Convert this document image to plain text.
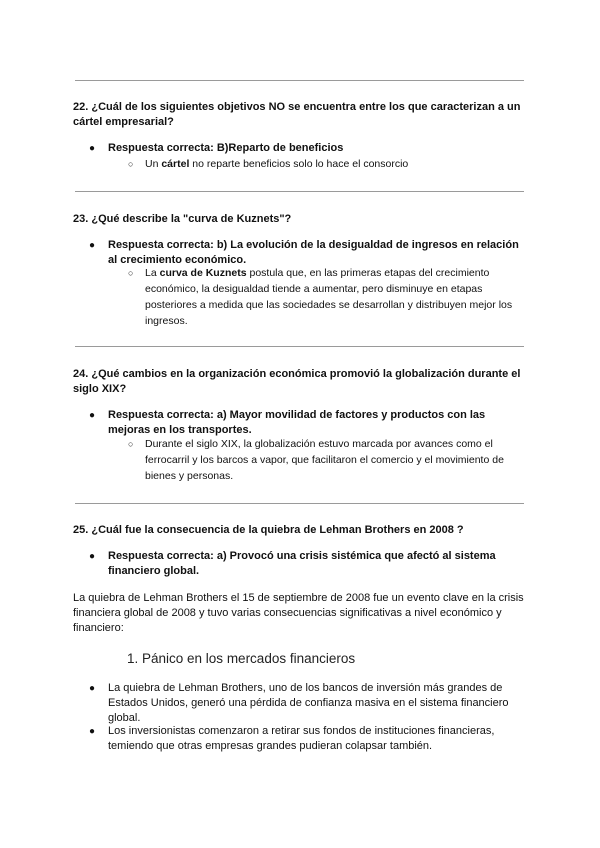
22. ¿Cuál de los siguientes objetivos NO se encuentra entre los que caracterizan a un cártel empresarial?
● Respuesta correcta: B)Reparto de beneficios
○ Un cártel no reparte beneficios solo lo hace el consorcio
23. ¿Qué describe la "curva de Kuznets"?
● Respuesta correcta: b) La evolución de la desigualdad de ingresos en relación al crecimiento económico.
○ La curva de Kuznets postula que, en las primeras etapas del crecimiento económico, la desigualdad tiende a aumentar, pero disminuye en etapas posteriores a medida que las sociedades se desarrollan y distribuyen mejor los ingresos.
24. ¿Qué cambios en la organización económica promovió la globalización durante el siglo XIX?
● Respuesta correcta: a) Mayor movilidad de factores y productos con las mejoras en los transportes.
○ Durante el siglo XIX, la globalización estuvo marcada por avances como el ferrocarril y los barcos a vapor, que facilitaron el comercio y el movimiento de bienes y personas.
25. ¿Cuál fue la consecuencia de la quiebra de Lehman Brothers en 2008 ?
● Respuesta correcta: a) Provocó una crisis sistémica que afectó al sistema financiero global.
La quiebra de Lehman Brothers el 15 de septiembre de 2008 fue un evento clave en la crisis financiera global de 2008 y tuvo varias consecuencias significativas a nivel económico y financiero:
1. Pánico en los mercados financieros
● La quiebra de Lehman Brothers, uno de los bancos de inversión más grandes de Estados Unidos, generó una pérdida de confianza masiva en el sistema financiero global.
● Los inversionistas comenzaron a retirar sus fondos de instituciones financieras, temiendo que otras empresas grandes pudieran colapsar también.
